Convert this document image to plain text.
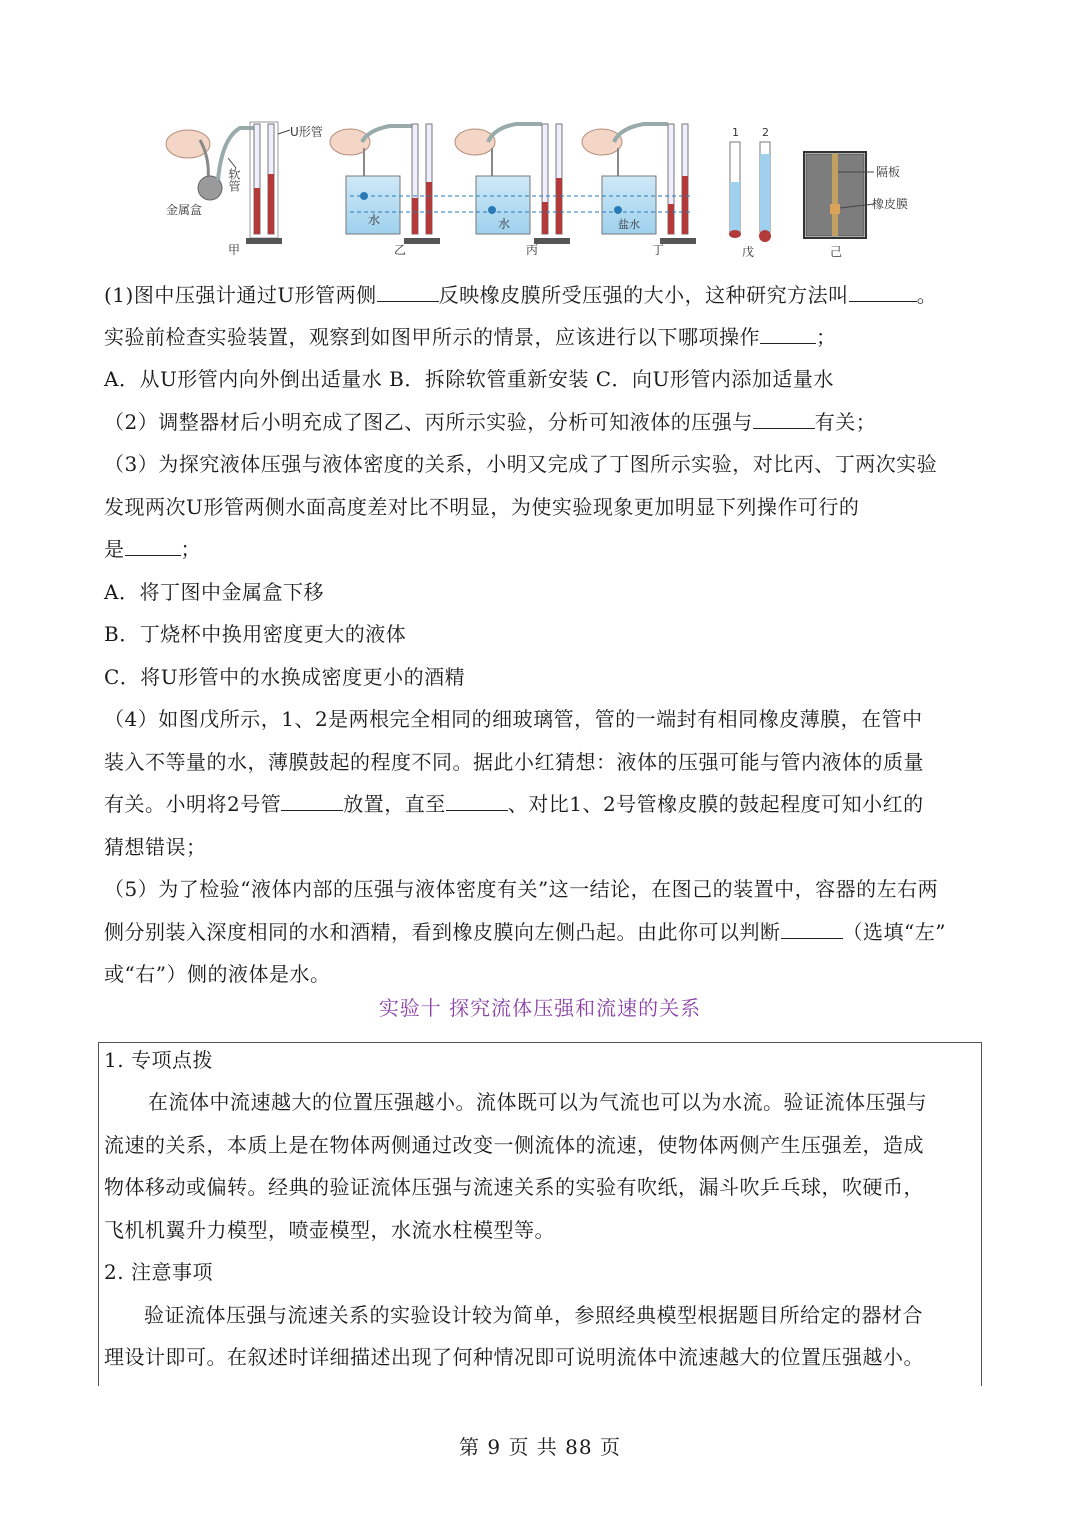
U形管
软管
金属盒
甲
水
乙
水
丙
盐水
丁
1 2
戊
隔板
橡皮膜
己
(1)图中压强计通过U形管两侧	反映橡皮膜所受压强的大小，这种研究方法叫	。
实验前检查实验装置，观察到如图甲所示的情景，应该进行以下哪项操作	；
A．从U形管内向外倒出适量水 B．拆除软管重新安装 C．向U形管内添加适量水
（2）调整器材后小明充成了图乙、丙所示实验，分析可知液体的压强与	有关；
（3）为探究液体压强与液体密度的关系，小明又完成了丁图所示实验，对比丙、丁两次实验
发现两次U形管两侧水面高度差对比不明显，为使实验现象更加明显下列操作可行的
是	；
A．将丁图中金属盒下移
B．丁烧杯中换用密度更大的液体
C．将U形管中的水换成密度更小的酒精
（4）如图戊所示，1、2是两根完全相同的细玻璃管，管的一端封有相同橡皮薄膜，在管中
装入不等量的水，薄膜鼓起的程度不同。据此小红猜想：液体的压强可能与管内液体的质量
有关。小明将2号管	放置，直至	、对比1、2号管橡皮膜的鼓起程度可知小红的
猜想错误；
（5）为了检验“液体内部的压强与液体密度有关”这一结论，在图己的装置中，容器的左右两
侧分别装入深度相同的水和酒精，看到橡皮膜向左侧凸起。由此你可以判断	（选填“左”
或“右”）侧的液体是水。
实验十 探究流体压强和流速的关系
1. 专项点拨
在流体中流速越大的位置压强越小。流体既可以为气流也可以为水流。验证流体压强与
流速的关系，本质上是在物体两侧通过改变一侧流体的流速，使物体两侧产生压强差，造成
物体移动或偏转。经典的验证流体压强与流速关系的实验有吹纸，漏斗吹乒乓球，吹硬币，
飞机机翼升力模型，喷壶模型，水流水柱模型等。
2. 注意事项
验证流体压强与流速关系的实验设计较为简单，参照经典模型根据题目所给定的器材合
理设计即可。在叙述时详细描述出现了何种情况即可说明流体中流速越大的位置压强越小。
第 9 页 共 88 页
